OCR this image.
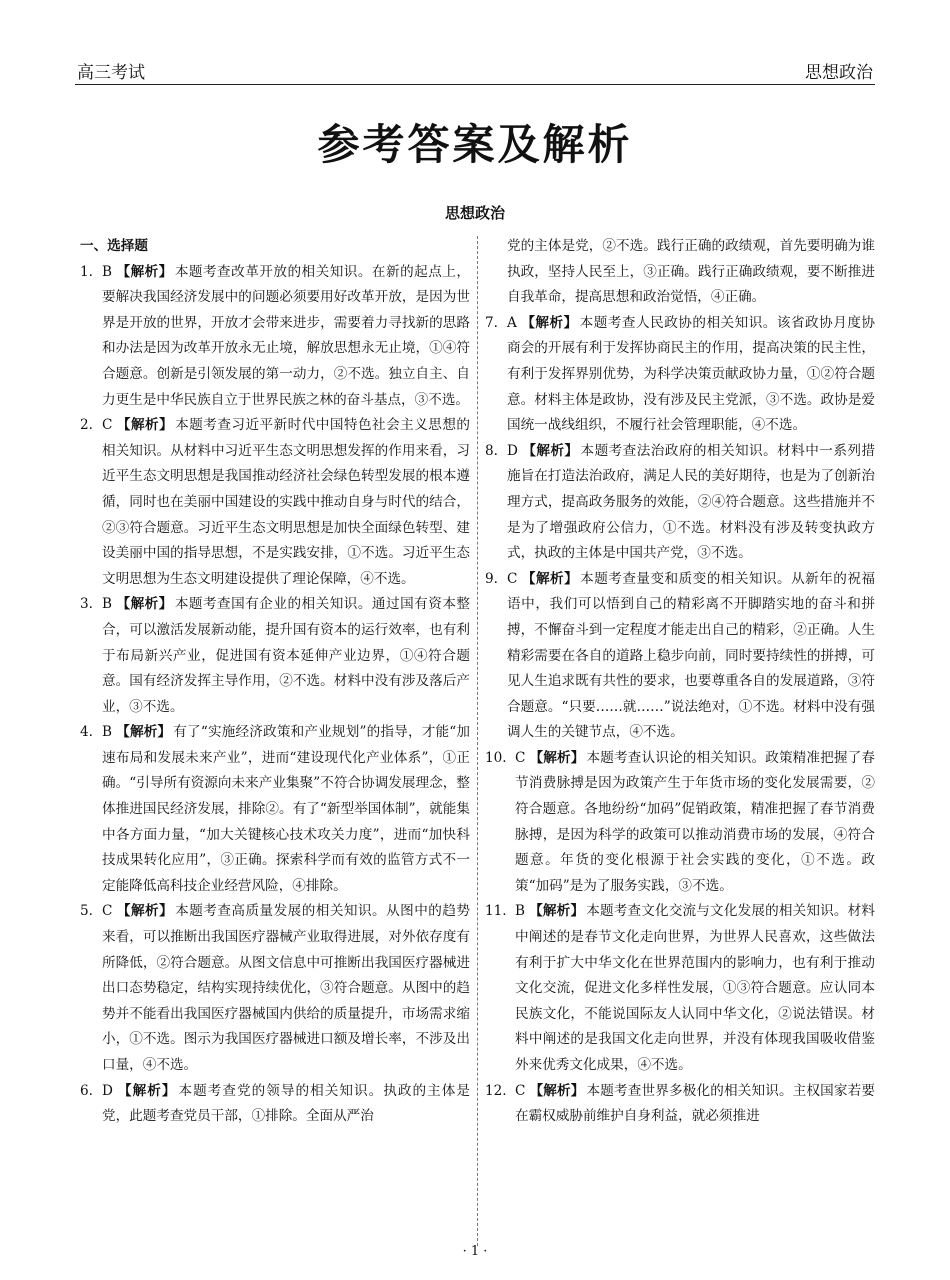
高三考试	思想政治
参考答案及解析
思想政治
一、选择题
1. B 【解析】 本题考查改革开放的相关知识。在新的起点上，要解决我国经济发展中的问题必须要用好改革开放，是因为世界是开放的世界，开放才会带来进步，需要着力寻找新的思路和办法是因为改革开放永无止境，解放思想永无止境，①④符合题意。创新是引领发展的第一动力，②不选。独立自主、自力更生是中华民族自立于世界民族之林的奋斗基点，③不选。
2. C 【解析】 本题考查习近平新时代中国特色社会主义思想的相关知识。从材料中习近平生态文明思想发挥的作用来看，习近平生态文明思想是我国推动经济社会绿色转型发展的根本遵循，同时也在美丽中国建设的实践中推动自身与时代的结合，②③符合题意。习近平生态文明思想是加快全面绿色转型、建设美丽中国的指导思想，不是实践安排，①不选。习近平生态文明思想为生态文明建设提供了理论保障，④不选。
3. B 【解析】 本题考查国有企业的相关知识。通过国有资本整合，可以激活发展新动能，提升国有资本的运行效率，也有利于布局新兴产业，促进国有资本延伸产业边界，①④符合题意。国有经济发挥主导作用，②不选。材料中没有涉及落后产业，③不选。
4. B 【解析】 有了“实施经济政策和产业规划”的指导，才能“加速布局和发展未来产业”，进而“建设现代化产业体系”，①正确。“引导所有资源向未来产业集聚”不符合协调发展理念，整体推进国民经济发展，排除②。有了“新型举国体制”，就能集中各方面力量，“加大关键核心技术攻关力度”，进而“加快科技成果转化应用”，③正确。探索科学而有效的监管方式不一定能降低高科技企业经营风险，④排除。
5. C 【解析】 本题考查高质量发展的相关知识。从图中的趋势来看，可以推断出我国医疗器械产业取得进展，对外依存度有所降低，②符合题意。从图文信息中可推断出我国医疗器械进出口态势稳定，结构实现持续优化，③符合题意。从图中的趋势并不能看出我国医疗器械国内供给的质量提升，市场需求缩小，①不选。图示为我国医疗器械进口额及增长率，不涉及出口量，④不选。
6. D 【解析】 本题考查党的领导的相关知识。执政的主体是党，此题考查党员干部，①排除。全面从严治
党的主体是党，②不选。践行正确的政绩观，首先要明确为谁执政，坚持人民至上，③正确。践行正确政绩观，要不断推进自我革命，提高思想和政治觉悟，④正确。
7. A 【解析】 本题考查人民政协的相关知识。该省政协月度协商会的开展有利于发挥协商民主的作用，提高决策的民主性，有利于发挥界别优势，为科学决策贡献政协力量，①②符合题意。材料主体是政协，没有涉及民主党派，③不选。政协是爱国统一战线组织，不履行社会管理职能，④不选。
8. D 【解析】 本题考查法治政府的相关知识。材料中一系列措施旨在打造法治政府，满足人民的美好期待，也是为了创新治理方式，提高政务服务的效能，②④符合题意。这些措施并不是为了增强政府公信力，①不选。材料没有涉及转变执政方式，执政的主体是中国共产党，③不选。
9. C 【解析】 本题考查量变和质变的相关知识。从新年的祝福语中，我们可以悟到自己的精彩离不开脚踏实地的奋斗和拼搏，不懈奋斗到一定程度才能走出自己的精彩，②正确。人生精彩需要在各自的道路上稳步向前，同时要持续性的拼搏，可见人生追求既有共性的要求，也要尊重各自的发展道路，③符合题意。“只要……就……”说法绝对，①不选。材料中没有强调人生的关键节点，④不选。
10. C 【解析】 本题考查认识论的相关知识。政策精准把握了春节消费脉搏是因为政策产生于年货市场的变化发展需要，②符合题意。各地纷纷“加码”促销政策，精准把握了春节消费脉搏，是因为科学的政策可以推动消费市场的发展，④符合题意。年货的变化根源于社会实践的变化，①不选。政策“加码”是为了服务实践，③不选。
11. B 【解析】 本题考查文化交流与文化发展的相关知识。材料中阐述的是春节文化走向世界，为世界人民喜欢，这些做法有利于扩大中华文化在世界范围内的影响力，也有利于推动文化交流，促进文化多样性发展，①③符合题意。应认同本民族文化，不能说国际友人认同中华文化，②说法错误。材料中阐述的是我国文化走向世界，并没有体现我国吸收借鉴外来优秀文化成果，④不选。
12. C 【解析】 本题考查世界多极化的相关知识。主权国家若要在霸权威胁前维护自身利益，就必须推进
· 1 ·
